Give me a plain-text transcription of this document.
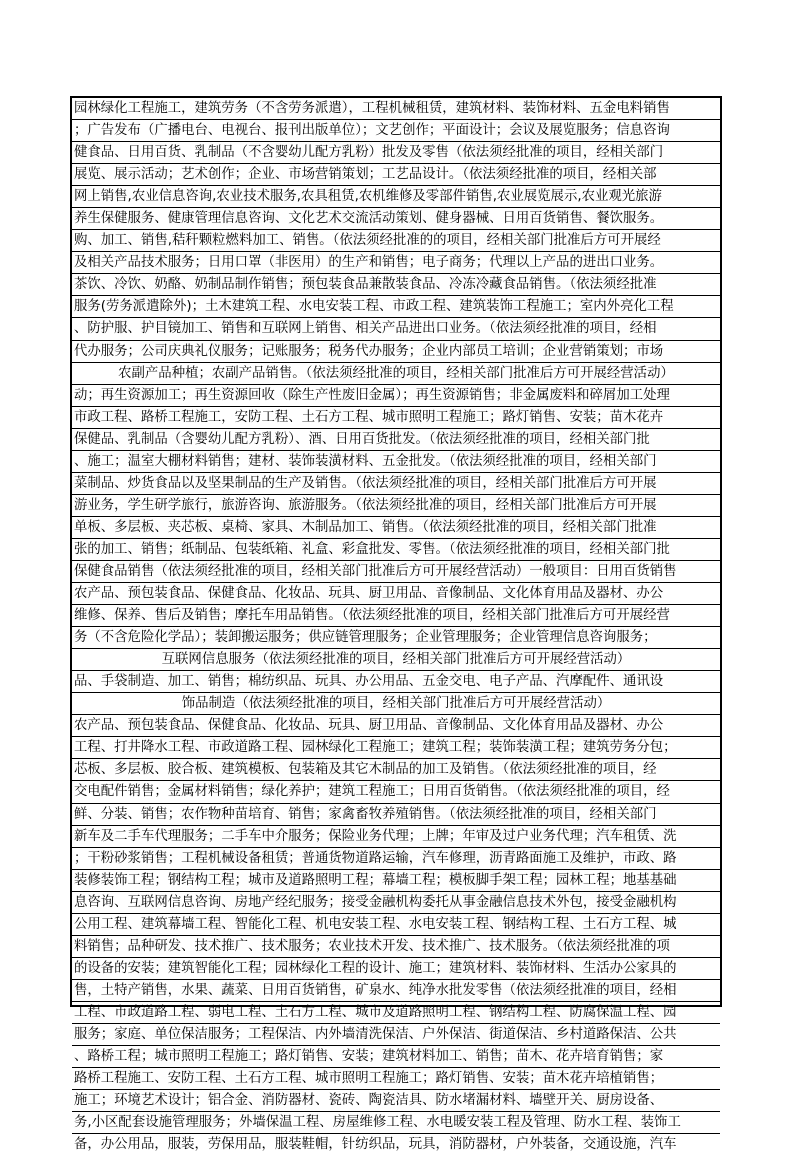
园林绿化工程施工，建筑劳务（不含劳务派遣），工程机械租赁，建筑材料、装饰材料、五金电料销售
；广告发布（广播电台、电视台、报刊出版单位）；文艺创作；平面设计；会议及展览服务；信息咨询
健食品、日用百货、乳制品（不含婴幼儿配方乳粉）批发及零售（依法须经批准的项目，经相关部门
展览、展示活动；艺术创作；企业、市场营销策划；工艺品设计。（依法须经批准的项目，经相关部
网上销售,农业信息咨询,农业技术服务,农具租赁,农机维修及零部件销售,农业展览展示,农业观光旅游
养生保健服务、健康管理信息咨询、文化艺术交流活动策划、健身器械、日用百货销售、餐饮服务。
购、加工、销售,秸秆颗粒燃料加工、销售。（依法须经批准的的项目，经相关部门批准后方可开展经
及相关产品技术服务；日用口罩（非医用）的生产和销售；电子商务；代理以上产品的进出口业务。
茶饮、冷饮、奶酪、奶制品制作销售；预包装食品兼散装食品、冷冻冷藏食品销售。（依法须经批准
服务(劳务派遣除外)；土木建筑工程、水电安装工程、市政工程、建筑装饰工程施工；室内外亮化工程
、防护服、护目镜加工、销售和互联网上销售、相关产品进出口业务。（依法须经批准的项目，经相
代办服务；公司庆典礼仪服务；记账服务；税务代办服务；企业内部员工培训；企业营销策划；市场
农副产品种植；农副产品销售。（依法须经批准的项目，经相关部门批准后方可开展经营活动）
动；再生资源加工；再生资源回收（除生产性废旧金属）；再生资源销售；非金属废料和碎屑加工处理
市政工程、路桥工程施工，安防工程、土石方工程、城市照明工程施工；路灯销售、安装；苗木花卉
保健品、乳制品（含婴幼儿配方乳粉）、酒、日用百货批发。（依法须经批准的项目，经相关部门批
、施工；温室大棚材料销售；建材、装饰装潢材料、五金批发。（依法须经批准的项目，经相关部门
菜制品、炒货食品以及坚果制品的生产及销售。（依法须经批准的项目，经相关部门批准后方可开展
游业务，学生研学旅行，旅游咨询、旅游服务。（依法须经批准的项目，经相关部门批准后方可开展
单板、多层板、夹芯板、桌椅、家具、木制品加工、销售。（依法须经批准的项目，经相关部门批准
张的加工、销售；纸制品、包装纸箱、礼盒、彩盒批发、零售。（依法须经批准的项目，经相关部门批
保健食品销售（依法须经批准的项目，经相关部门批准后方可开展经营活动）一般项目：日用百货销售
农产品、预包装食品、保健食品、化妆品、玩具、厨卫用品、音像制品、文化体育用品及器材、办公
维修、保养、售后及销售；摩托车用品销售。（依法须经批准的项目，经相关部门批准后方可开展经营
务（不含危险化学品）；装卸搬运服务；供应链管理服务；企业管理服务；企业管理信息咨询服务；
互联网信息服务（依法须经批准的项目，经相关部门批准后方可开展经营活动）
品、手袋制造、加工、销售；棉纺织品、玩具、办公用品、五金交电、电子产品、汽摩配件、通讯设
饰品制造（依法须经批准的项目，经相关部门批准后方可开展经营活动）
农产品、预包装食品、保健食品、化妆品、玩具、厨卫用品、音像制品、文化体育用品及器材、办公
工程、打井降水工程、市政道路工程、园林绿化工程施工；建筑工程；装饰装潢工程；建筑劳务分包；
芯板、多层板、胶合板、建筑模板、包装箱及其它木制品的加工及销售。（依法须经批准的项目，经
交电配件销售；金属材料销售；绿化养护；建筑工程施工；日用百货销售。（依法须经批准的项目，经
鲜、分装、销售；农作物种苗培育、销售；家禽畜牧养殖销售。（依法须经批准的项目，经相关部门
新车及二手车代理服务；二手车中介服务；保险业务代理；上牌；年审及过户业务代理；汽车租赁、洗
；干粉砂浆销售；工程机械设备租赁；普通货物道路运输，汽车修理，沥青路面施工及维护，市政、路
装修装饰工程；钢结构工程；城市及道路照明工程；幕墙工程；模板脚手架工程；园林工程；地基基础
息咨询、互联网信息咨询、房地产经纪服务；接受金融机构委托从事金融信息技术外包，接受金融机构
公用工程、建筑幕墙工程、智能化工程、机电安装工程、水电安装工程、钢结构工程、土石方工程、城
料销售；品种研发、技术推广、技术服务；农业技术开发、技术推广、技术服务。（依法须经批准的项
的设备的安装；建筑智能化工程；园林绿化工程的设计、施工；建筑材料、装饰材料、生活办公家具的
售，土特产销售，水果、蔬菜、日用百货销售，矿泉水、纯净水批发零售（依法须经批准的项目，经相
工程、市政道路工程、弱电工程、土石方工程、城市及道路照明工程、钢结构工程、防腐保温工程、园
服务；家庭、单位保洁服务；工程保洁、内外墙清洗保洁、户外保洁、街道保洁、乡村道路保洁、公共
、路桥工程；城市照明工程施工；路灯销售、安装；建筑材料加工、销售；苗木、花卉培育销售；家
路桥工程施工、安防工程、土石方工程、城市照明工程施工；路灯销售、安装；苗木花卉培植销售；
施工；环境艺术设计；铝合金、消防器材、瓷砖、陶瓷洁具、防水堵漏材料、墙壁开关、厨房设备、
务,小区配套设施管理服务；外墙保温工程、房屋维修工程、水电暖安装工程及管理、防水工程、装饰工
备，办公用品，服装，劳保用品，服装鞋帽，针纺织品，玩具，消防器材，户外装备，交通设施，汽车
